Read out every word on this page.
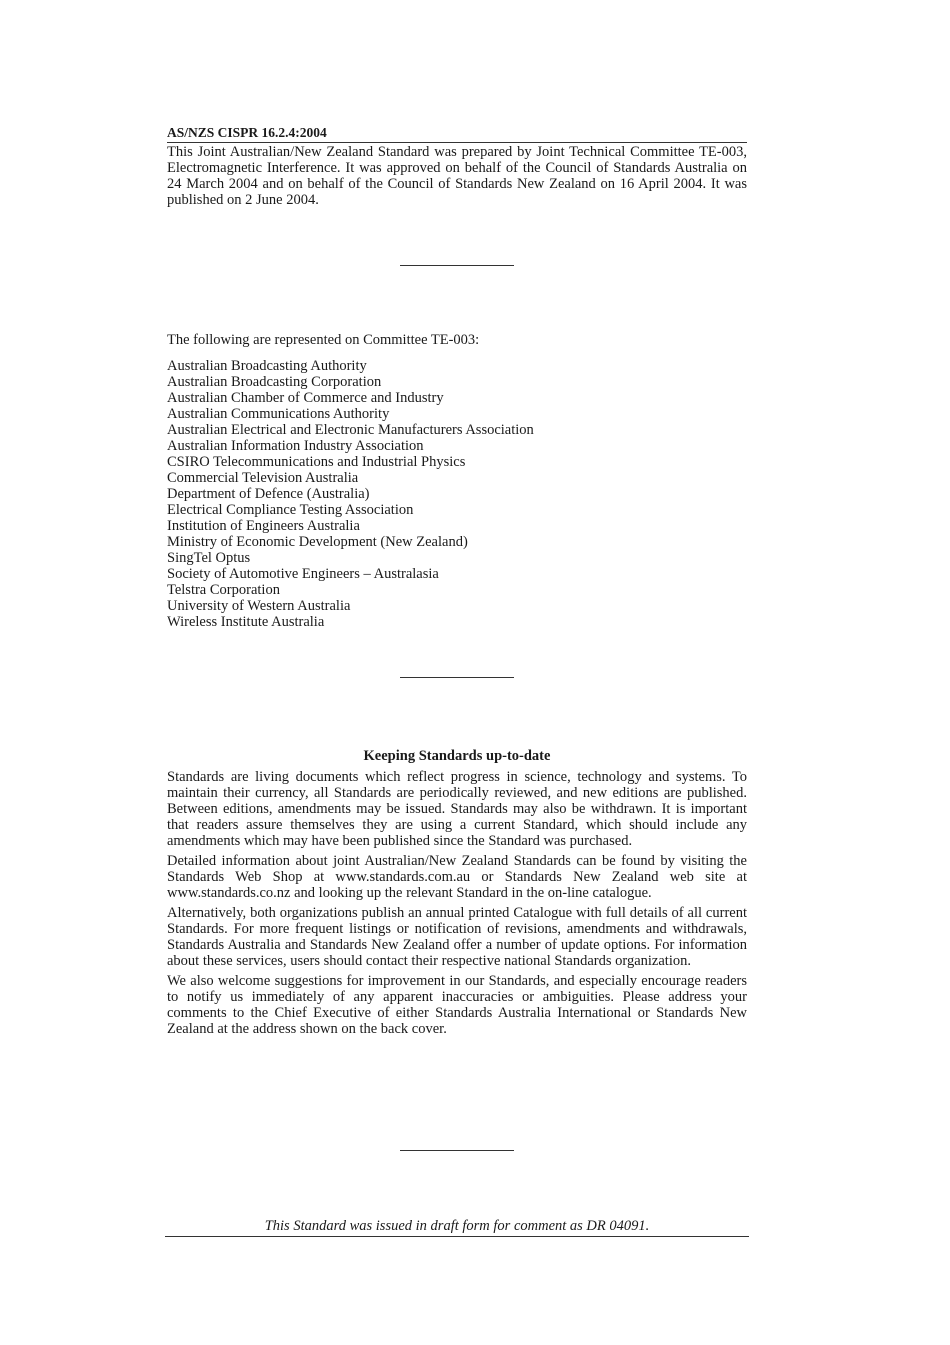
AS/NZS CISPR 16.2.4:2004

This Joint Australian/New Zealand Standard was prepared by Joint Technical Committee TE-003, Electromagnetic Interference. It was approved on behalf of the Council of Standards Australia on 24 March 2004 and on behalf of the Council of Standards New Zealand on 16 April 2004. It was published on 2 June 2004.

The following are represented on Committee TE-003:

Australian Broadcasting Authority
Australian Broadcasting Corporation
Australian Chamber of Commerce and Industry
Australian Communications Authority
Australian Electrical and Electronic Manufacturers Association
Australian Information Industry Association
CSIRO Telecommunications and Industrial Physics
Commercial Television Australia
Department of Defence (Australia)
Electrical Compliance Testing Association
Institution of Engineers Australia
Ministry of Economic Development (New Zealand)
SingTel Optus
Society of Automotive Engineers – Australasia
Telstra Corporation
University of Western Australia
Wireless Institute Australia
Keeping Standards up-to-date

Standards are living documents which reflect progress in science, technology and systems. To maintain their currency, all Standards are periodically reviewed, and new editions are published. Between editions, amendments may be issued. Standards may also be withdrawn. It is important that readers assure themselves they are using a current Standard, which should include any amendments which may have been published since the Standard was purchased.

Detailed information about joint Australian/New Zealand Standards can be found by visiting the Standards Web Shop at www.standards.com.au or Standards New Zealand web site at www.standards.co.nz and looking up the relevant Standard in the on-line catalogue.

Alternatively, both organizations publish an annual printed Catalogue with full details of all current Standards. For more frequent listings or notification of revisions, amendments and withdrawals, Standards Australia and Standards New Zealand offer a number of update options. For information about these services, users should contact their respective national Standards organization.

We also welcome suggestions for improvement in our Standards, and especially encourage readers to notify us immediately of any apparent inaccuracies or ambiguities. Please address your comments to the Chief Executive of either Standards Australia International or Standards New Zealand at the address shown on the back cover.

This Standard was issued in draft form for comment as DR 04091.
